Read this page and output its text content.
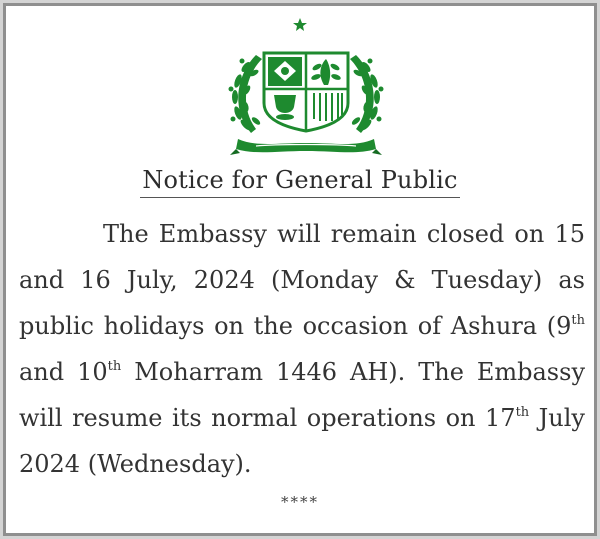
Notice for General Public
The Embassy will remain closed on 15
and 16 July, 2024 (Monday & Tuesday) as
public holidays on the occasion of Ashura (9th
and 10th Moharram 1446 AH). The Embassy
will resume its normal operations on 17th July
2024 (Wednesday).
****
